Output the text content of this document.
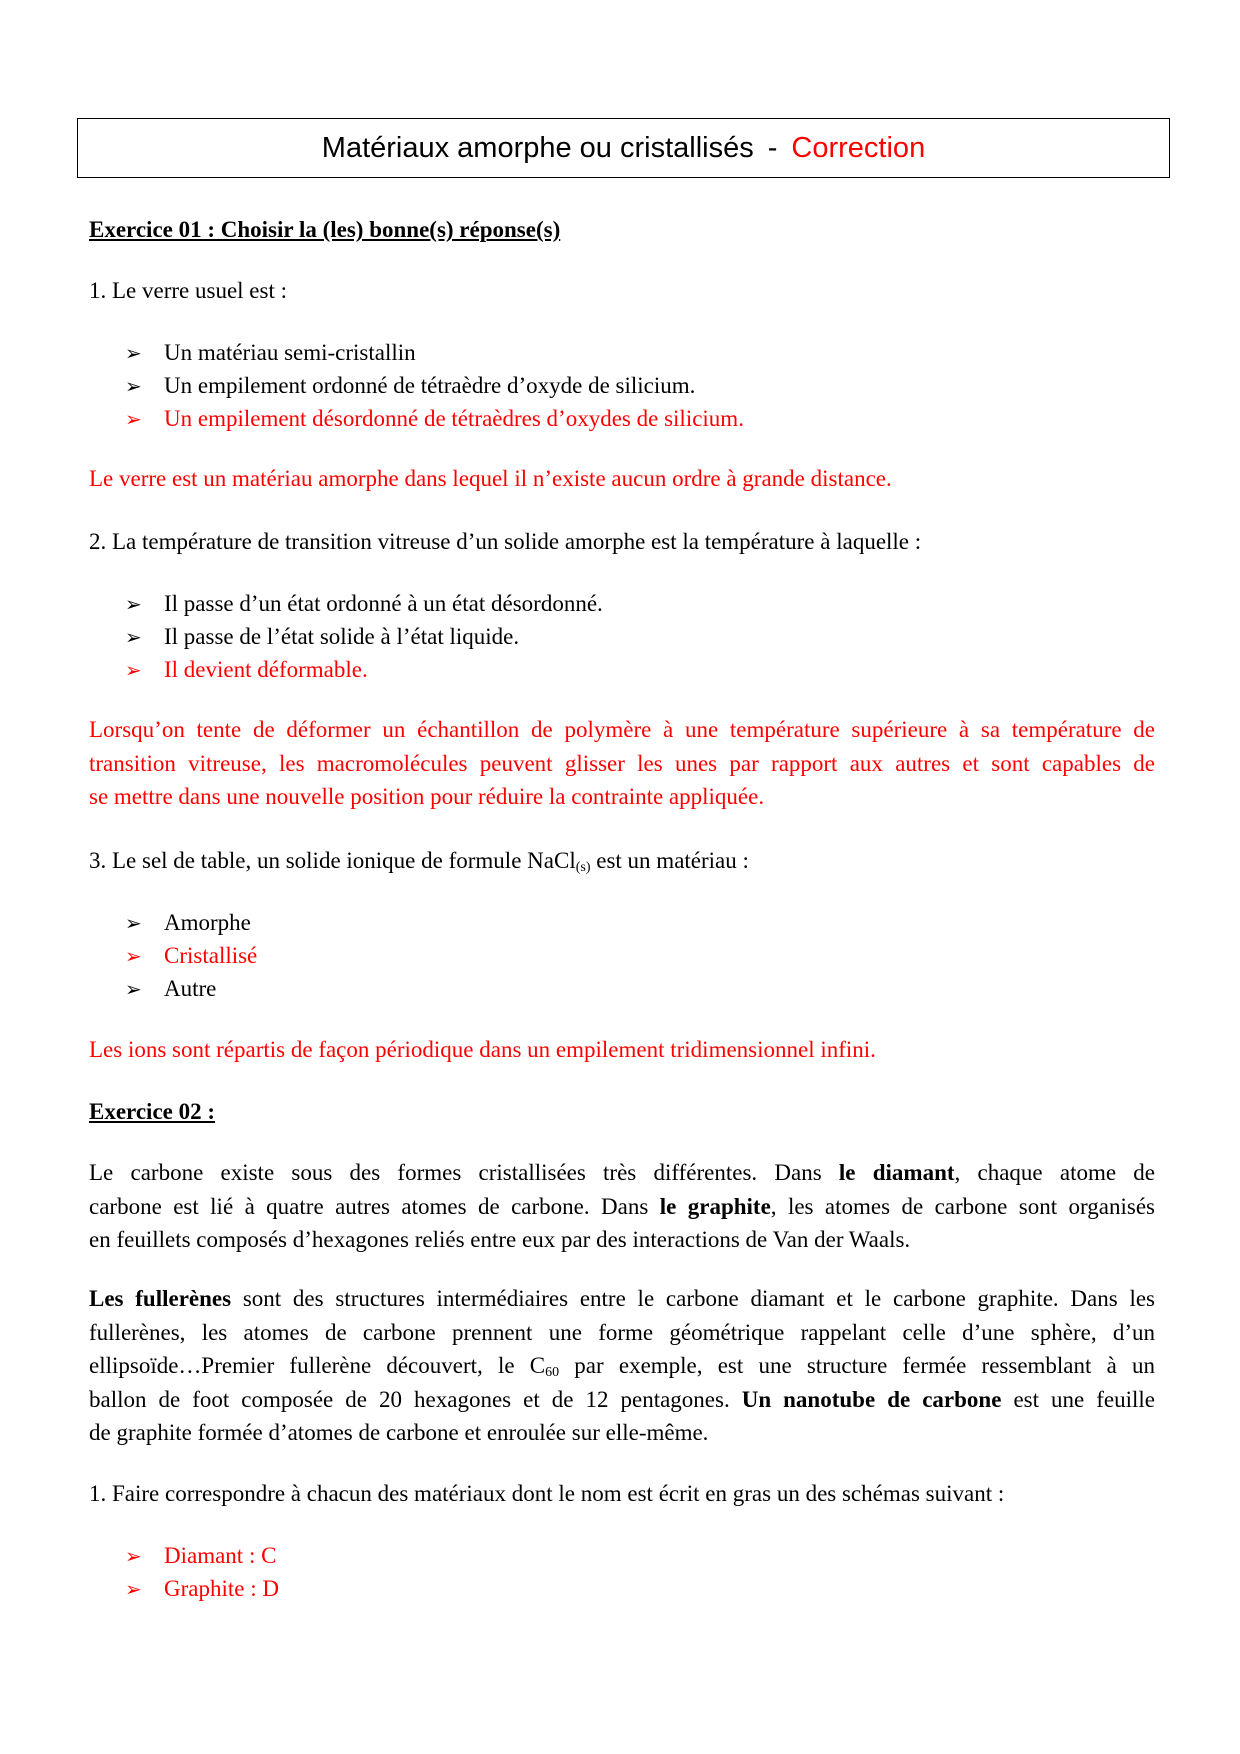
Matériaux amorphe ou cristallisés - Correction
Exercice 01 : Choisir la (les) bonne(s) réponse(s)
1. Le verre usuel est :
➢ Un matériau semi-cristallin
➢ Un empilement ordonné de tétraèdre d’oxyde de silicium.
➢ Un empilement désordonné de tétraèdres d’oxydes de silicium.
Le verre est un matériau amorphe dans lequel il n’existe aucun ordre à grande distance.
2. La température de transition vitreuse d’un solide amorphe est la température à laquelle :
➢ Il passe d’un état ordonné à un état désordonné.
➢ Il passe de l’état solide à l’état liquide.
➢ Il devient déformable.
Lorsqu’on tente de déformer un échantillon de polymère à une température supérieure à sa température de
transition vitreuse, les macromolécules peuvent glisser les unes par rapport aux autres et sont capables de
se mettre dans une nouvelle position pour réduire la contrainte appliquée.
3. Le sel de table, un solide ionique de formule NaCl$_{(s)}$ est un matériau :
➢ Amorphe
➢ Cristallisé
➢ Autre
Les ions sont répartis de façon périodique dans un empilement tridimensionnel infini.
Exercice 02 :
Le carbone existe sous des formes cristallisées très différentes. Dans le diamant, chaque atome de
carbone est lié à quatre autres atomes de carbone. Dans le graphite, les atomes de carbone sont organisés
en feuillets composés d’hexagones reliés entre eux par des interactions de Van der Waals.
Les fullerènes sont des structures intermédiaires entre le carbone diamant et le carbone graphite. Dans les
fullerènes, les atomes de carbone prennent une forme géométrique rappelant celle d’une sphère, d’un
ellipsoïde…Premier fullerène découvert, le $C_{60}$ par exemple, est une structure fermée ressemblant à un
ballon de foot composée de 20 hexagones et de 12 pentagones. Un nanotube de carbone est une feuille
de graphite formée d’atomes de carbone et enroulée sur elle-même.
1. Faire correspondre à chacun des matériaux dont le nom est écrit en gras un des schémas suivant :
➢ Diamant : C
➢ Graphite : D
